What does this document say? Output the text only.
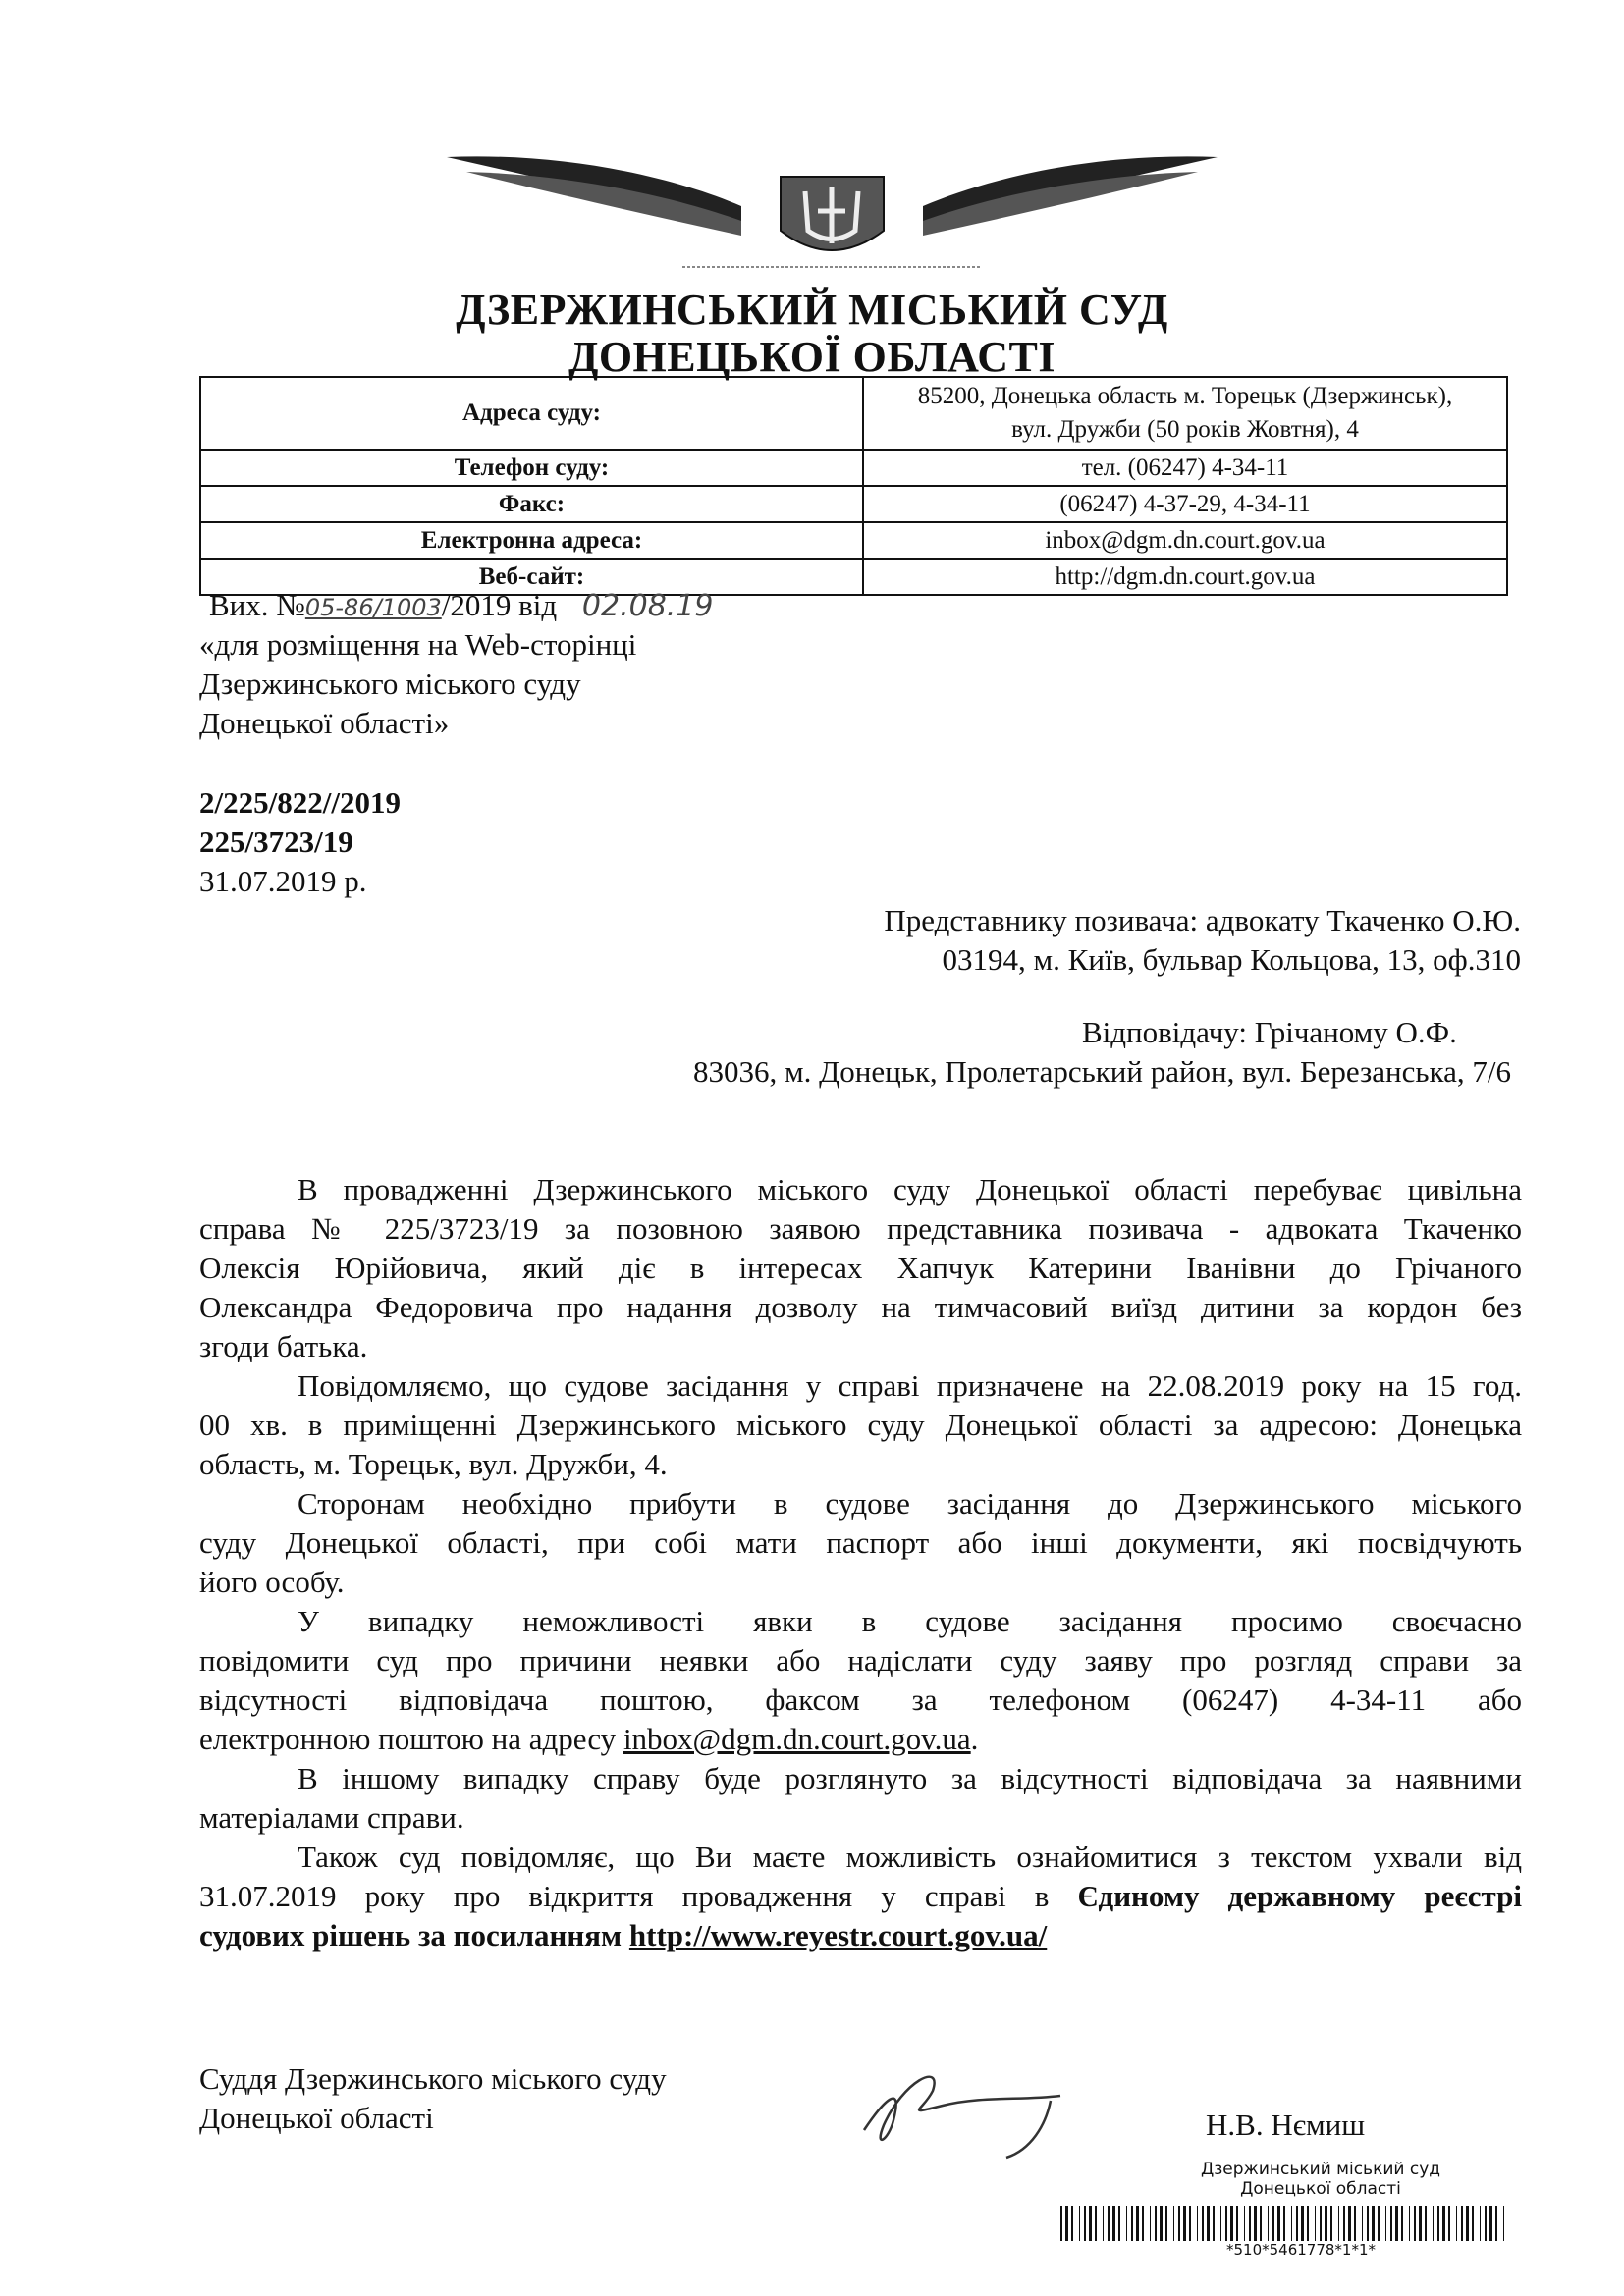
ДЗЕРЖИНСЬКИЙ МІСЬКИЙ СУД
ДОНЕЦЬКОЇ ОБЛАСТІ
Адреса суду:	85200, Донецька область м. Торецьк (Дзержинськ),
вул. Дружби (50 років Жовтня), 4

Телефон суду:	тел. (06247) 4-34-11
Факс:	(06247) 4-37-29, 4-34-11
Електронна адреса:	inbox@dgm.dn.court.gov.ua
Веб-сайт:	http://dgm.dn.court.gov.ua
Вих. №05-86/1003/2019 від 02.08.19
«для розміщення на Web-сторінці
Дзержинського міського суду
Донецької області»
2/225/822//2019
225/3723/19
31.07.2019 р.
Представнику позивача: адвокату Ткаченко О.Ю.
03194, м. Київ, бульвар Кольцова, 13, оф.310
Відповідачу: Грічаному О.Ф.
83036, м. Донецьк, Пролетарський район, вул. Березанська, 7/6
В провадженні Дзержинського міського суду Донецької області перебуває цивільна
справа № 225/3723/19 за позовною заявою представника позивача - адвоката Ткаченко
Олексія Юрійовича, який діє в інтересах Хапчук Катерини Іванівни до Грічаного
Олександра Федоровича про надання дозволу на тимчасовий виїзд дитини за кордон без
згоди батька.
Повідомляємо, що судове засідання у справі призначене на 22.08.2019 року на 15 год.
00 хв. в приміщенні Дзержинського міського суду Донецької області за адресою: Донецька
область, м. Торецьк, вул. Дружби, 4.
Сторонам необхідно прибути в судове засідання до Дзержинського міського
суду Донецької області, при собі мати паспорт або інші документи, які посвідчують
його особу.
У випадку неможливості явки в судове засідання просимо своєчасно
повідомити суд про причини неявки або надіслати суду заяву про розгляд справи за
відсутності відповідача поштою, факсом за телефоном (06247) 4-34-11 або
електронною поштою на адресу inbox@dgm.dn.court.gov.ua.
В іншому випадку справу буде розглянуто за відсутності відповідача за наявними
матеріалами справи.
Також суд повідомляє, що Ви маєте можливість ознайомитися з текстом ухвали від
31.07.2019 року про відкриття провадження у справі в Єдиному державному реєстрі
судових рішень за посиланням http://www.reyestr.court.gov.ua/
Суддя Дзержинського міського суду
Донецької області	Н.В. Нємиш
Дзержинський міський суд
Донецької області
*510*5461778*1*1*
